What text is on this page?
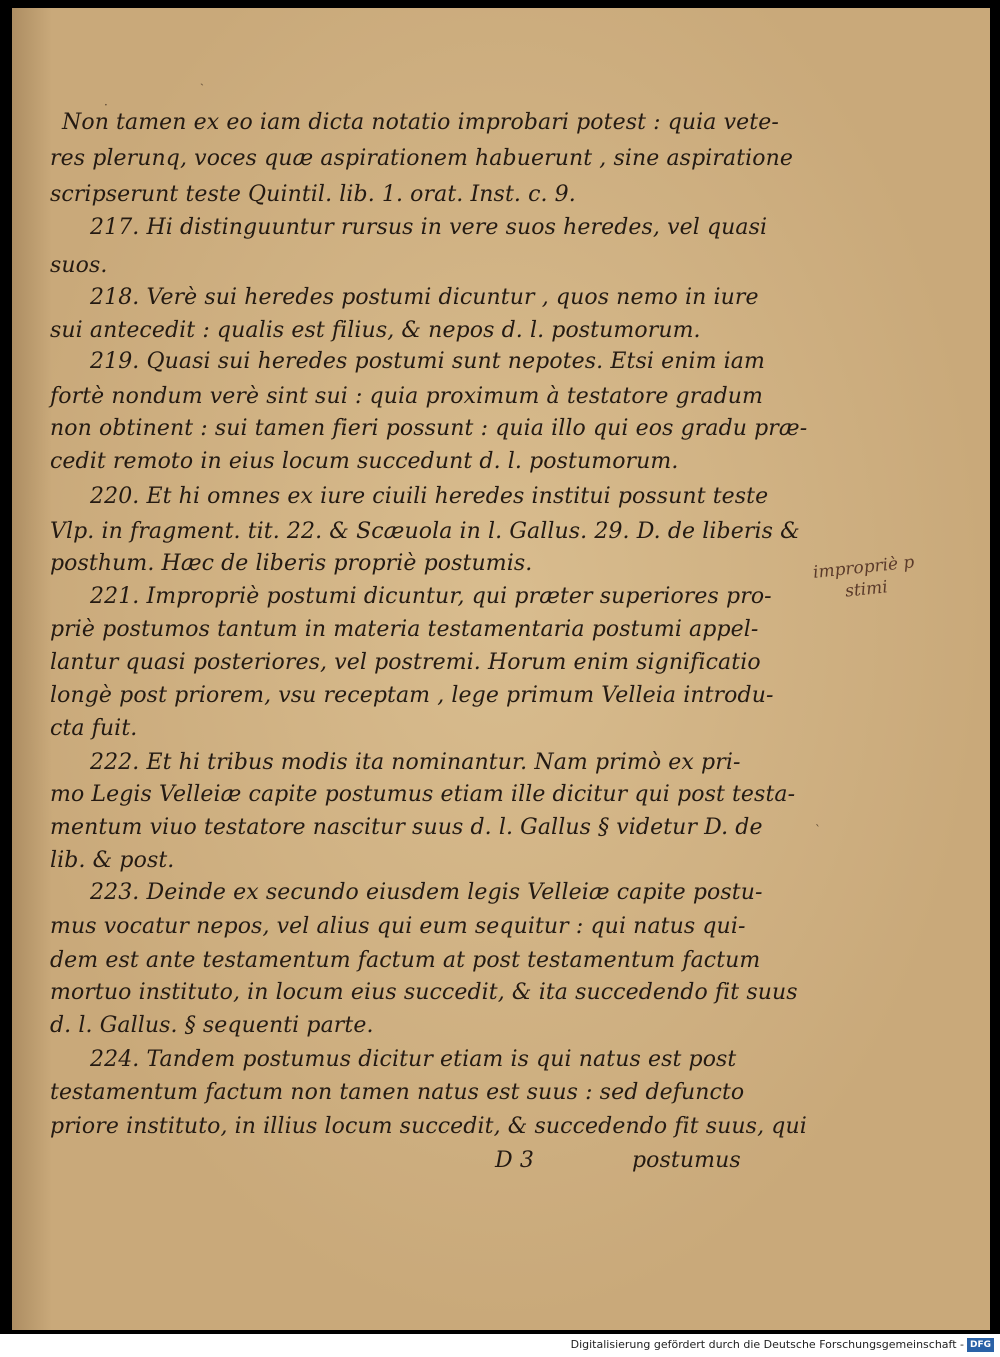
ˎ
·
ˋ
Non tamen ex eo iam dicta notatio improbari potest : quia vete-
res plerunq, voces quæ aspirationem habuerunt , sine aspiratione
scripserunt teste Quintil. lib. 1. orat. Inst. c. 9.
217. Hi distinguuntur rursus in vere suos heredes, vel quasi
suos.
218. Verè sui heredes postumi dicuntur , quos nemo in iure
sui antecedit : qualis est filius, & nepos d. l. postumorum.
219. Quasi sui heredes postumi sunt nepotes. Etsi enim iam
fortè nondum verè sint sui : quia proximum à testatore gradum
non obtinent : sui tamen fieri possunt : quia illo qui eos gradu præ-
cedit remoto in eius locum succedunt d. l. postumorum.
220. Et hi omnes ex iure ciuili heredes institui possunt teste
Vlp. in fragment. tit. 22. & Scæuola in l. Gallus. 29. D. de liberis &
posthum. Hæc de liberis propriè postumis.
221. Impropriè postumi dicuntur, qui præter superiores pro-
priè postumos tantum in materia testamentaria postumi appel-
lantur quasi posteriores, vel postremi. Horum enim significatio
longè post priorem, vsu receptam , lege primum Velleia introdu-
cta fuit.
222. Et hi tribus modis ita nominantur. Nam primò ex pri-
mo Legis Velleiæ capite postumus etiam ille dicitur qui post testa-
mentum viuo testatore nascitur suus d. l. Gallus § videtur D. de
lib. & post.
223. Deinde ex secundo eiusdem legis Velleiæ capite postu-
mus vocatur nepos, vel alius qui eum sequitur : qui natus qui-
dem est ante testamentum factum at post testamentum factum
mortuo instituto, in locum eius succedit, & ita succedendo fit suus
d. l. Gallus. § sequenti parte.
224. Tandem postumus dicitur etiam is qui natus est post
testamentum factum non tamen natus est suus : sed defuncto
priore instituto, in illius locum succedit, & succedendo fit suus, qui
D 3	postumus
impropriè p
stimi
Digitalisierung gefördert durch die Deutsche Forschungsgemeinschaft - DFG
